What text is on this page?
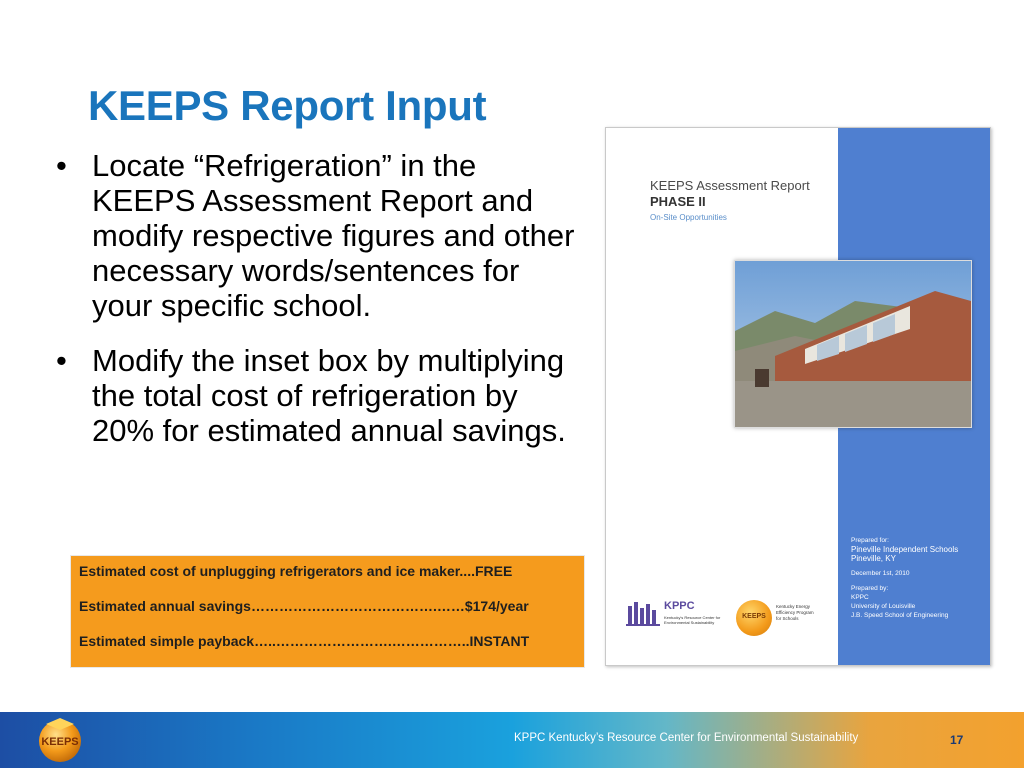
KEEPS Report Input
• Locate “Refrigeration” in the KEEPS Assessment Report and modify respective figures and other necessary words/sentences for your specific school.
• Modify the inset box by multiplying the total cost of refrigeration by 20% for estimated annual savings.
Estimated cost of unplugging refrigerators and ice maker....FREE
Estimated annual savings………………………………….……$174/year
Estimated simple payback…..…………………….……………..INSTANT
KEEPS Assessment Report
PHASE II
On-Site Opportunities
Prepared for:
Pineville Independent Schools
Pineville, KY
December 1st, 2010
Prepared by:
KPPC
University of Louisville
J.B. Speed School of Engineering
KPPC
Kentucky's Resource Center for
Environmental Sustainability
KEEPS
Kentucky Energy
Efficiency Program
for Schools
KEEPS	KPPC Kentucky’s Resource Center for Environmental Sustainability	17
